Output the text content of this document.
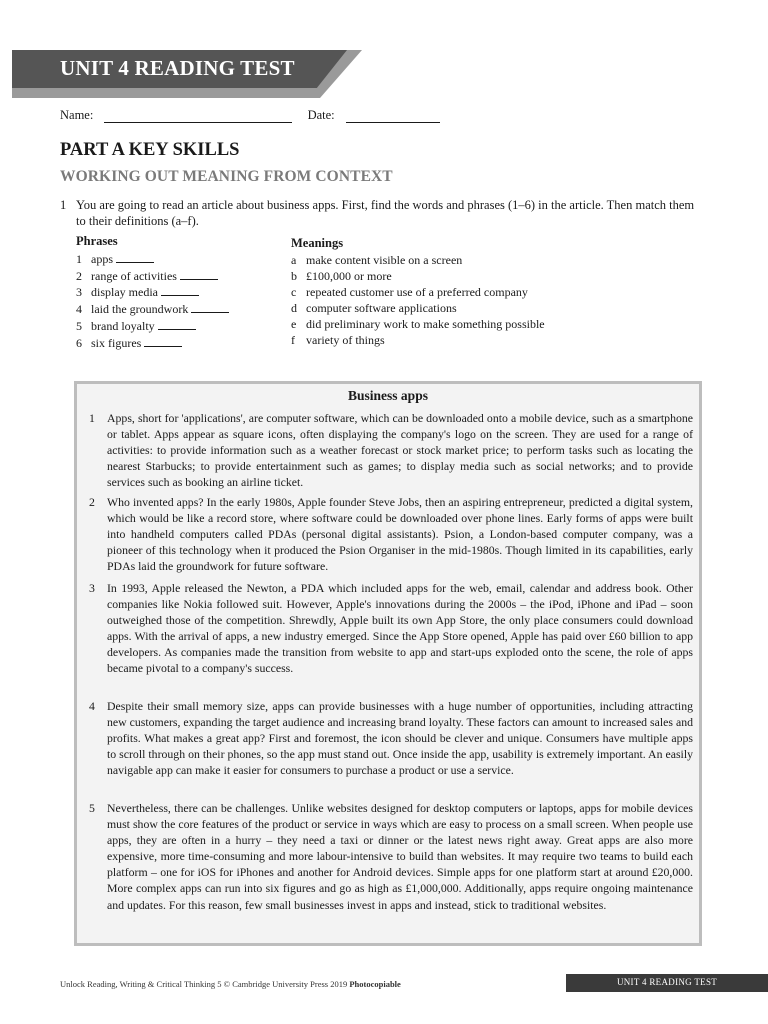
UNIT 4 READING TEST
Name:	Date:
PART A KEY SKILLS
WORKING OUT MEANING FROM CONTEXT
1 You are going to read an article about business apps. First, find the words and phrases (1–6) in the article. Then match them to their definitions (a–f).
Phrases
1 apps
2 range of activities
3 display media
4 laid the groundwork
5 brand loyalty
6 six figures
Meanings
a make content visible on a screen
b £100,000 or more
c repeated customer use of a preferred company
d computer software applications
e did preliminary work to make something possible
f variety of things
Business apps
1 Apps, short for 'applications', are computer software, which can be downloaded onto a mobile device, such as a smartphone or tablet. Apps appear as square icons, often displaying the company's logo on the screen. They are used for a range of activities: to provide information such as a weather forecast or stock market price; to perform tasks such as locating the nearest Starbucks; to provide entertainment such as games; to display media such as social networks; and to provide services such as booking an airline ticket.
2 Who invented apps? In the early 1980s, Apple founder Steve Jobs, then an aspiring entrepreneur, predicted a digital system, which would be like a record store, where software could be downloaded over phone lines. Early forms of apps were built into handheld computers called PDAs (personal digital assistants). Psion, a London-based computer company, was a pioneer of this technology when it produced the Psion Organiser in the mid-1980s. Though limited in its capabilities, early PDAs laid the groundwork for future software.
3 In 1993, Apple released the Newton, a PDA which included apps for the web, email, calendar and address book. Other companies like Nokia followed suit. However, Apple's innovations during the 2000s – the iPod, iPhone and iPad – soon outweighed those of the competition. Shrewdly, Apple built its own App Store, the only place consumers could download apps. With the arrival of apps, a new industry emerged. Since the App Store opened, Apple has paid over £60 billion to app developers. As companies made the transition from website to app and start-ups exploded onto the scene, the role of apps became pivotal to a company's success.
4 Despite their small memory size, apps can provide businesses with a huge number of opportunities, including attracting new customers, expanding the target audience and increasing brand loyalty. These factors can amount to increased sales and profits. What makes a great app? First and foremost, the icon should be clever and unique. Consumers have multiple apps to scroll through on their phones, so the app must stand out. Once inside the app, usability is extremely important. An easily navigable app can make it easier for consumers to purchase a product or use a service.
5 Nevertheless, there can be challenges. Unlike websites designed for desktop computers or laptops, apps for mobile devices must show the core features of the product or service in ways which are easy to process on a small screen. When people use apps, they are often in a hurry – they need a taxi or dinner or the latest news right away. Great apps are also more expensive, more time-consuming and more labour-intensive to build than websites. It may require two teams to build each platform – one for iOS for iPhones and another for Android devices. Simple apps for one platform start at around £20,000. More complex apps can run into six figures and go as high as £1,000,000. Additionally, apps require ongoing maintenance and updates. For this reason, few small businesses invest in apps and instead, stick to traditional websites.
Unlock Reading, Writing & Critical Thinking 5 © Cambridge University Press 2019 Photocopiable	UNIT 4 READING TEST
